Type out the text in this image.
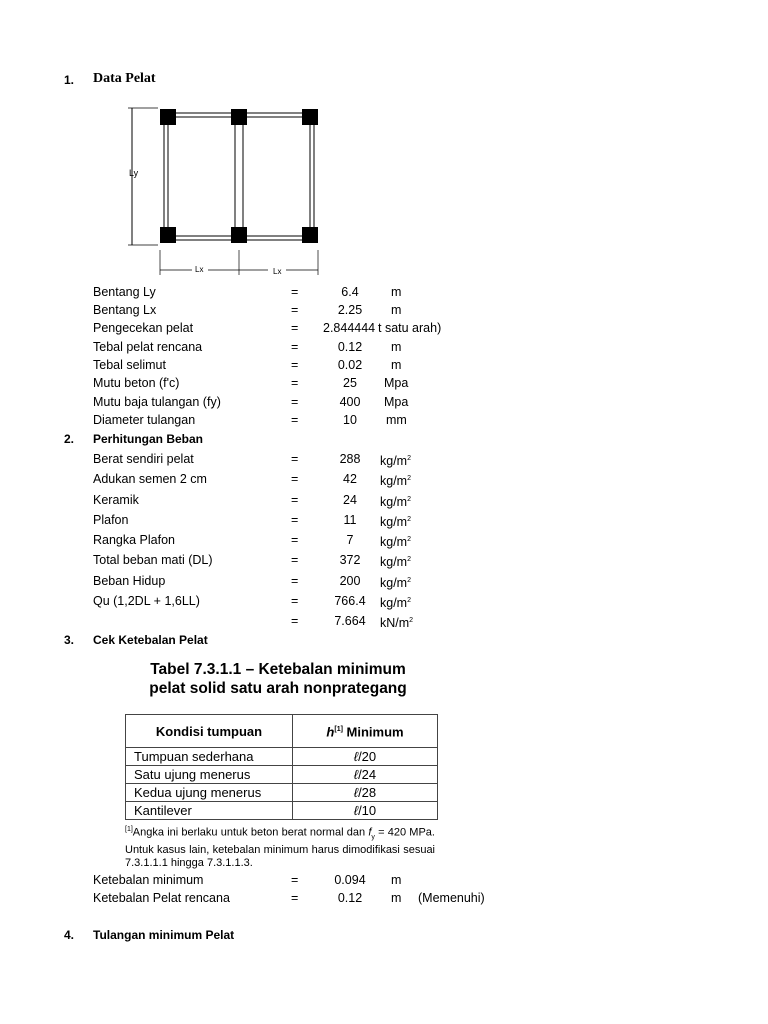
1. Data Pelat
Ly
Lx	Lx
Bentang Ly	=	6.4	m
Bentang Lx	=	2.25	m
Pengecekan pelat	= 2.844444 t satu arah)
Tebal pelat rencana	=	0.12	m
Tebal selimut	=	0.02	m
Mutu beton (f'c)	=	25	Mpa
Mutu baja tulangan (fy)	=	400	Mpa
Diameter tulangan	=	10	mm
2. Perhitungan Beban
Berat sendiri pelat	=	288	$kg/m^2$
Adukan semen 2 cm	=	42	$kg/m^2$
Keramik	=	24	$kg/m^2$
Plafon	=	11	$kg/m^2$
Rangka Plafon	=	7	$kg/m^2$
Total beban mati (DL)	=	372	$kg/m^2$
Beban Hidup	=	200	$kg/m^2$
Qu (1,2DL + 1,6LL)	=	766.4	$kg/m^2$
=	7.664	$kN/m^2$
3. Cek Ketebalan Pelat
Tabel 7.3.1.1 – Ketebalan minimum
pelat solid satu arah nonprategang
Kondisi tumpuan	h[1] Minimum
Tumpuan sederhana	ℓ/20
Satu ujung menerus	ℓ/24
Kedua ujung menerus	ℓ/28
Kantilever	ℓ/10
[1]Angka ini berlaku untuk beton berat normal dan $f_y = 420$ MPa. Untuk kasus lain, ketebalan minimum harus dimodifikasi sesuai 7.3.1.1.1 hingga 7.3.1.1.3.
Ketebalan minimum	=	0.094	m
Ketebalan Pelat rencana	=	0.12	m (Memenuhi)
4. Tulangan minimum Pelat
